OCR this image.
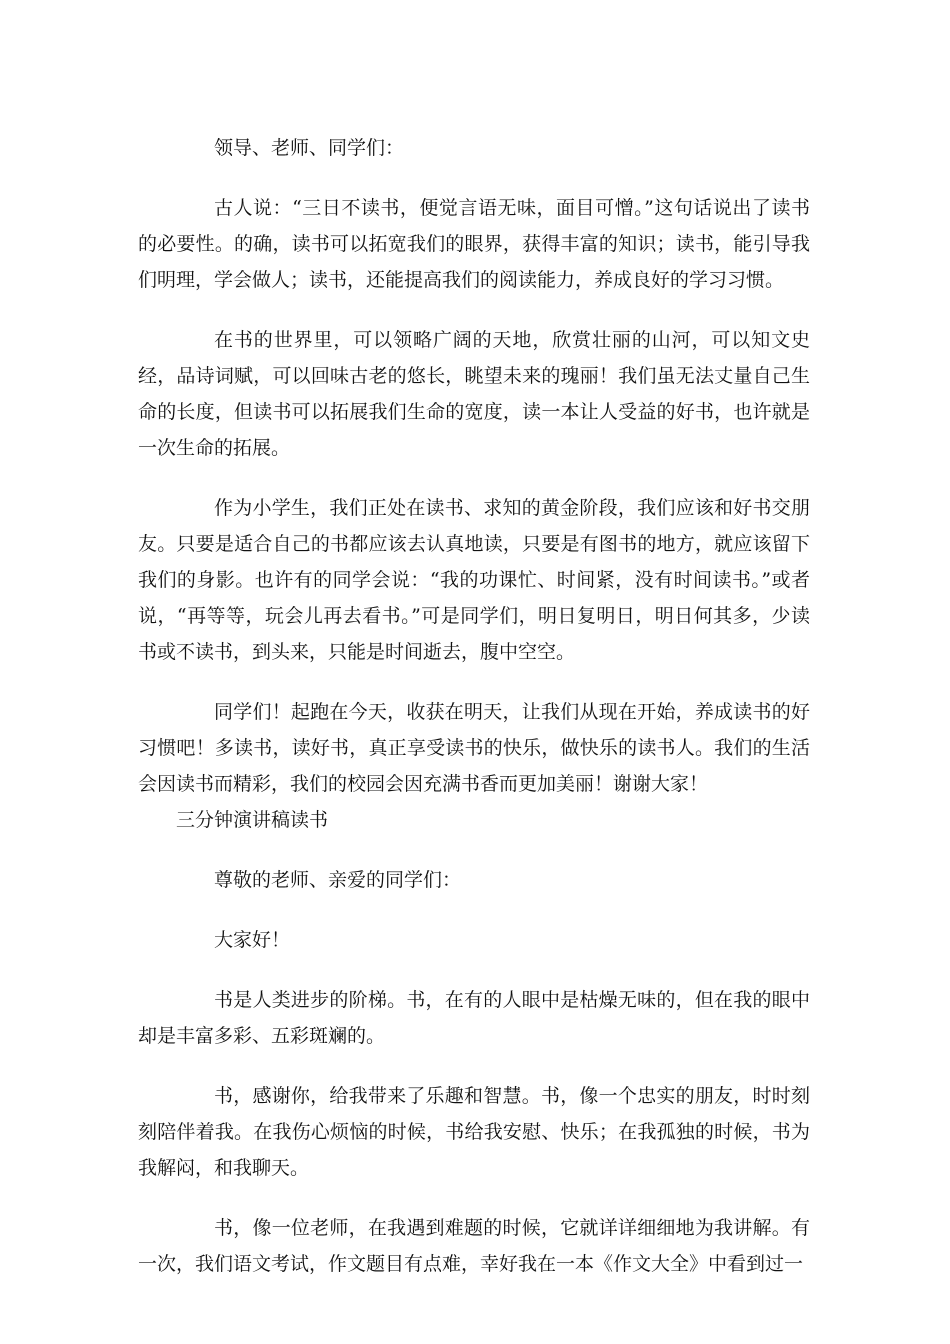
领导、老师、同学们：

古人说：“三日不读书，便觉言语无味，面目可憎。”这句话说出了读书的必要性。的确，读书可以拓宽我们的眼界，获得丰富的知识；读书，能引导我们明理，学会做人；读书，还能提高我们的阅读能力，养成良好的学习习惯。

在书的世界里，可以领略广阔的天地，欣赏壮丽的山河，可以知文史经，品诗词赋，可以回味古老的悠长，眺望未来的瑰丽！我们虽无法丈量自己生命的长度，但读书可以拓展我们生命的宽度，读一本让人受益的好书，也许就是一次生命的拓展。

作为小学生，我们正处在读书、求知的黄金阶段，我们应该和好书交朋友。只要是适合自己的书都应该去认真地读，只要是有图书的地方，就应该留下我们的身影。也许有的同学会说：“我的功课忙、时间紧，没有时间读书。”或者说，“再等等，玩会儿再去看书。”可是同学们，明日复明日，明日何其多，少读书或不读书，到头来，只能是时间逝去，腹中空空。

同学们！起跑在今天，收获在明天，让我们从现在开始，养成读书的好习惯吧！多读书，读好书，真正享受读书的快乐，做快乐的读书人。我们的生活会因读书而精彩，我们的校园会因充满书香而更加美丽！谢谢大家！

三分钟演讲稿读书

尊敬的老师、亲爱的同学们：

大家好！

书是人类进步的阶梯。书，在有的人眼中是枯燥无味的，但在我的眼中却是丰富多彩、五彩斑斓的。

书，感谢你，给我带来了乐趣和智慧。书，像一个忠实的朋友，时时刻刻陪伴着我。在我伤心烦恼的时候，书给我安慰、快乐；在我孤独的时候，书为我解闷，和我聊天。

书，像一位老师，在我遇到难题的时候，它就详详细细地为我讲解。有一次，我们语文考试，作文题目有点难，幸好我在一本《作文大全》中看到过一
